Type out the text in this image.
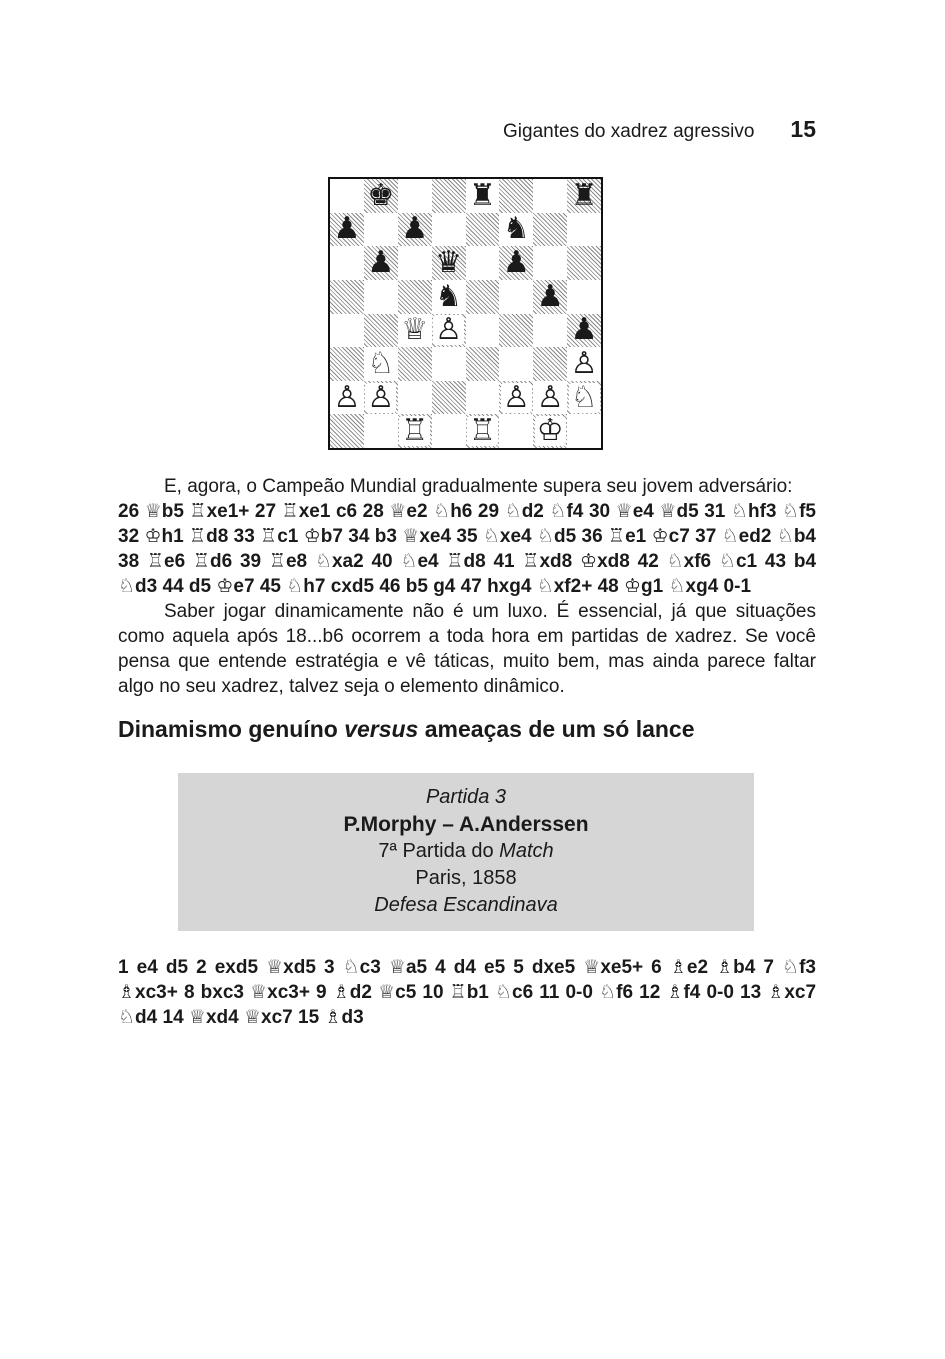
Gigantes do xadrez agressivo 15
♚ ♜ ♜
♟ ♟ ♞
♟ ♛ ♟
♞ ♟
♕ ♙	♟
♘	♙
♙ ♙	♙ ♙ ♘
♖ ♖ ♔

E, agora, o Campeão Mundial gradualmente supera seu jovem adversário:

26 ♕b5 ♖xe1+ 27 ♖xe1 c6 28 ♕e2 ♘h6 29 ♘d2 ♘f4 30 ♕e4 ♕d5 31 ♘hf3 ♘f5 32 ♔h1 ♖d8 33 ♖c1 ♔b7 34 b3 ♕xe4 35 ♘xe4 ♘d5 36 ♖e1 ♔c7 37 ♘ed2 ♘b4 38 ♖e6 ♖d6 39 ♖e8 ♘xa2 40 ♘e4 ♖d8 41 ♖xd8 ♔xd8 42 ♘xf6 ♘c1 43 b4 ♘d3 44 d5 ♔e7 45 ♘h7 cxd5 46 b5 g4 47 hxg4 ♘xf2+ 48 ♔g1 ♘xg4 0-1

Saber jogar dinamicamente não é um luxo. É essencial, já que situações como aquela após 18...b6 ocorrem a toda hora em partidas de xadrez. Se você pensa que entende estratégia e vê táticas, muito bem, mas ainda parece faltar algo no seu xadrez, talvez seja o elemento dinâmico.

Dinamismo genuíno versus ameaças de um só lance
Partida 3
P.Morphy – A.Anderssen
7ª Partida do Match
Paris, 1858
Defesa Escandinava

1 e4 d5 2 exd5 ♕xd5 3 ♘c3 ♕a5 4 d4 e5 5 dxe5 ♕xe5+ 6 ♗e2 ♗b4 7 ♘f3 ♗xc3+ 8 bxc3 ♕xc3+ 9 ♗d2 ♕c5 10 ♖b1 ♘c6 11 0-0 ♘f6 12 ♗f4 0-0 13 ♗xc7 ♘d4 14 ♕xd4 ♕xc7 15 ♗d3
